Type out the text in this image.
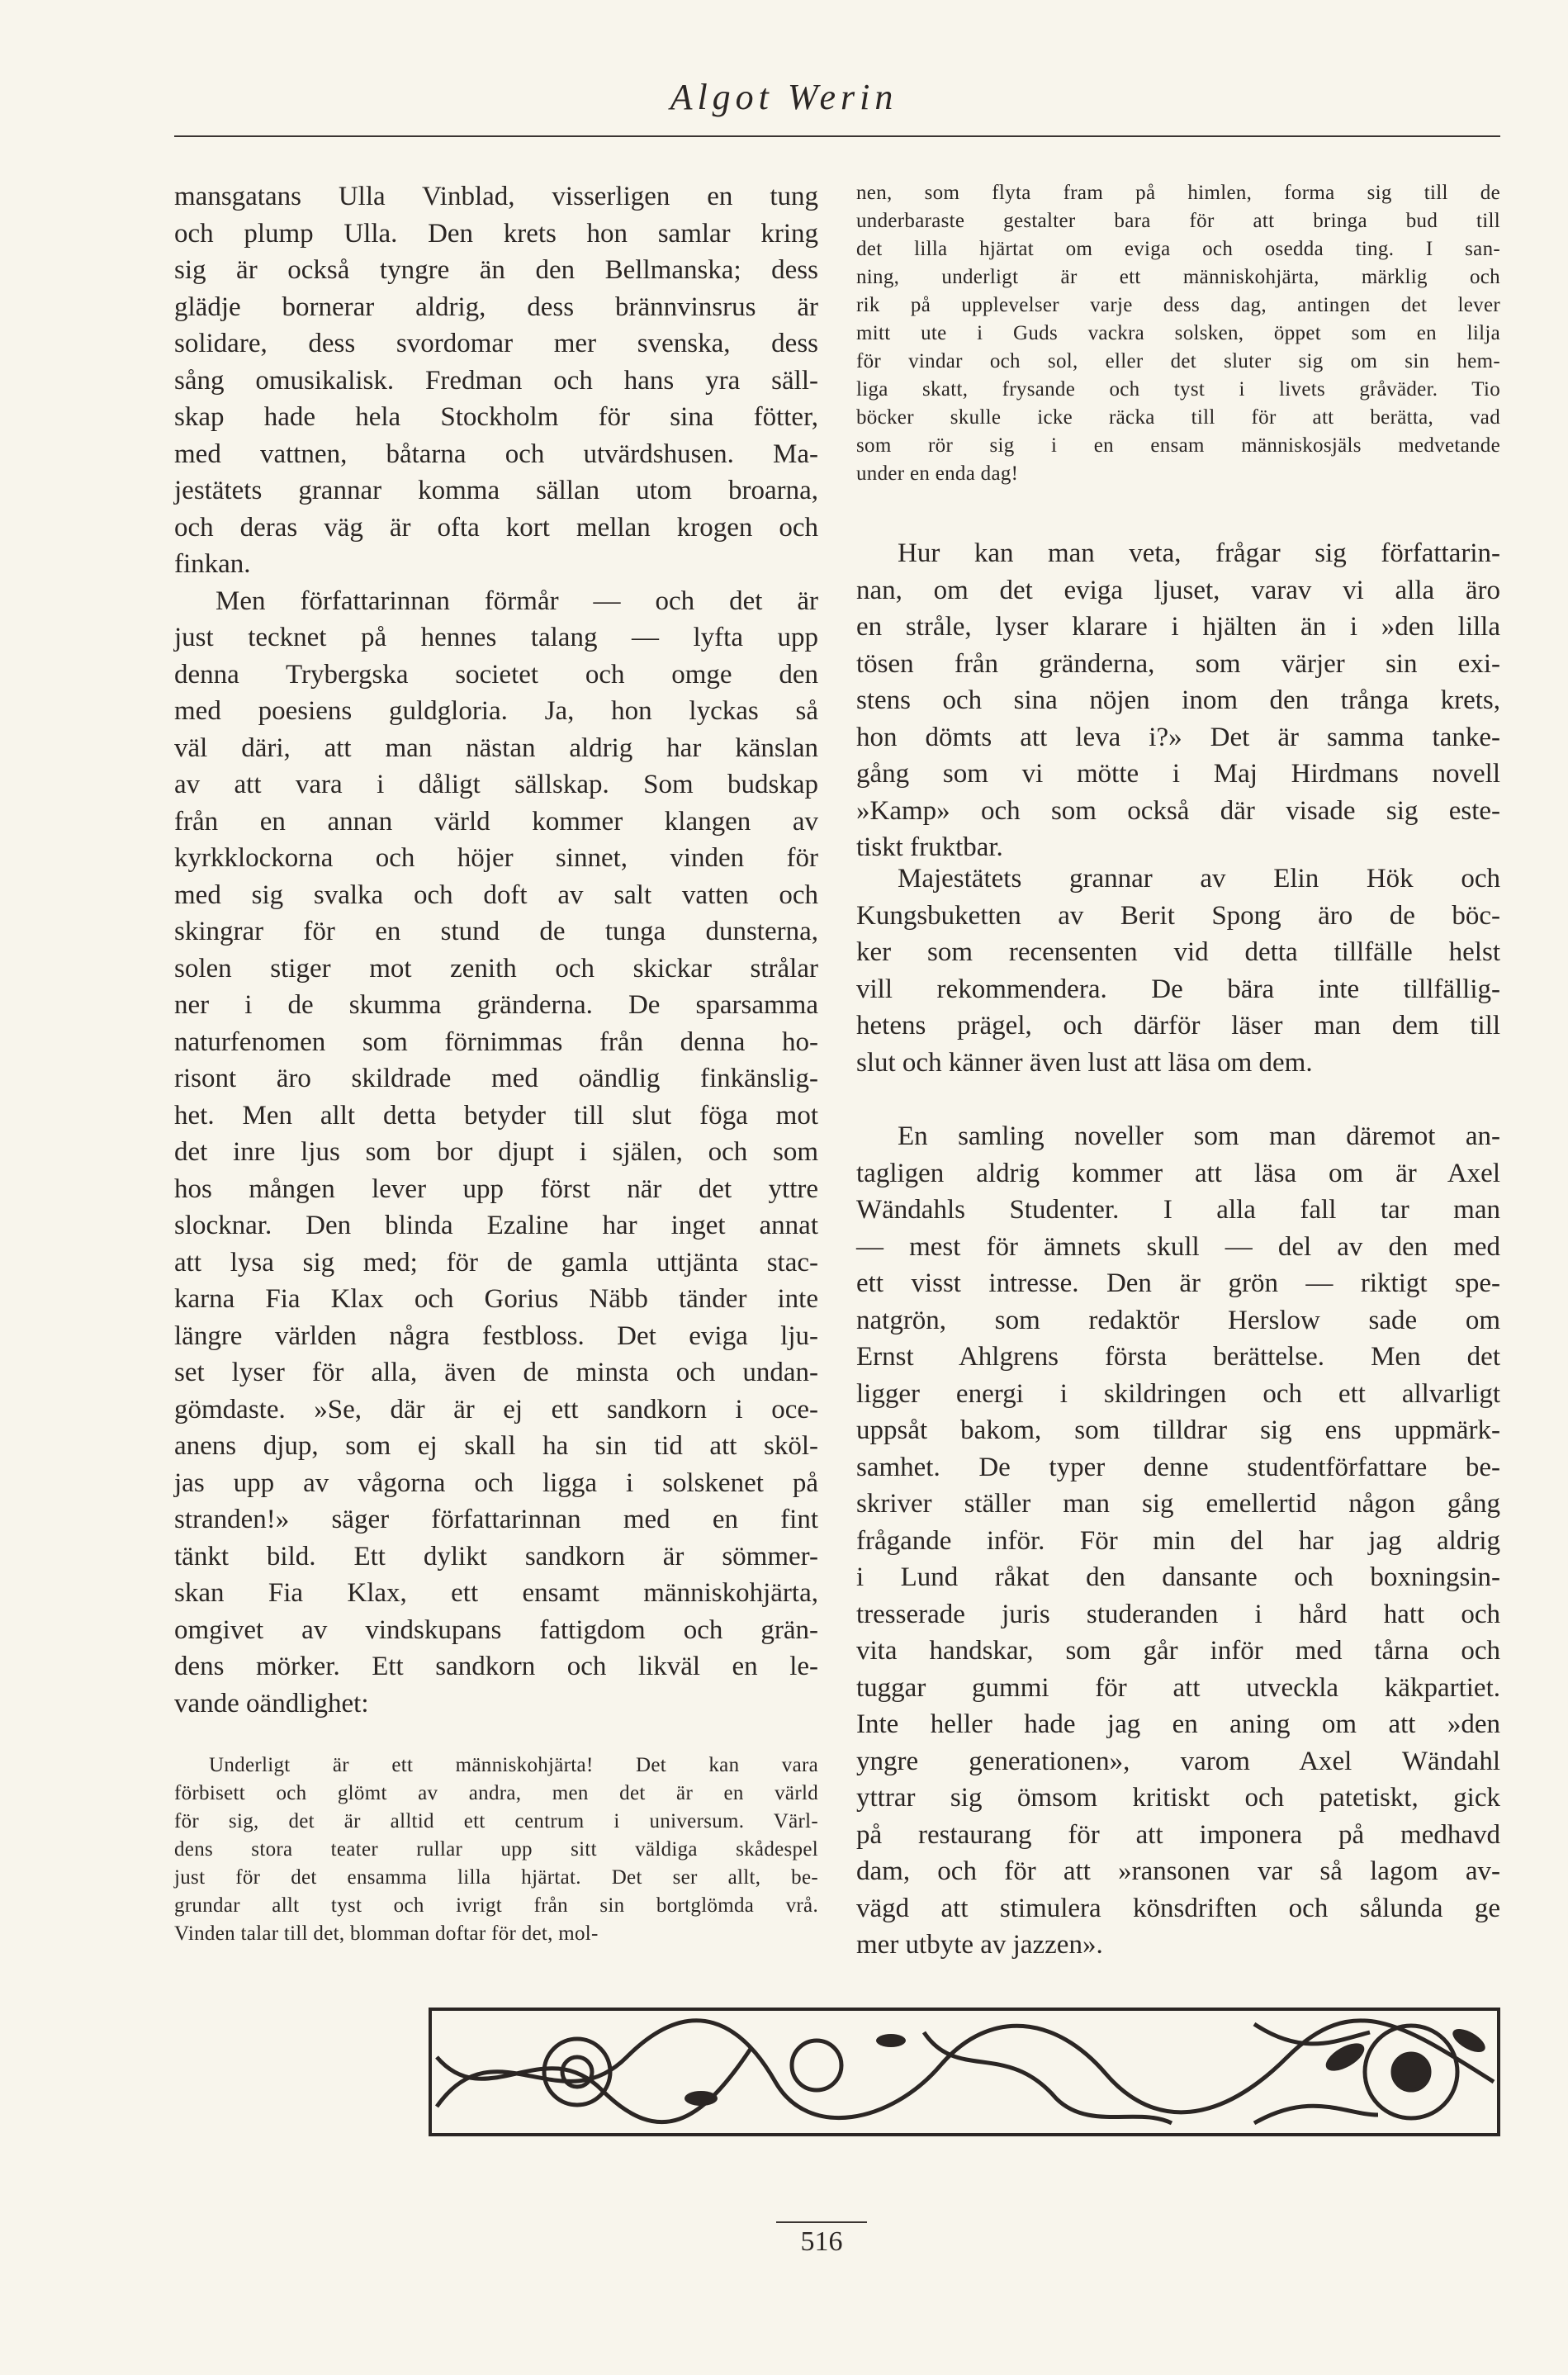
Algot Werin
mansgatans Ulla Vinblad, visserligen en tung
och plump Ulla. Den krets hon samlar kring
sig är också tyngre än den Bellmanska; dess
glädje bornerar aldrig, dess brännvinsrus är
solidare, dess svordomar mer svenska, dess
sång omusikalisk. Fredman och hans yra säll-
skap hade hela Stockholm för sina fötter,
med vattnen, båtarna och utvärdshusen. Ma-
jestätets grannar komma sällan utom broarna,
och deras väg är ofta kort mellan krogen och
finkan.
Men författarinnan förmår — och det är
just tecknet på hennes talang — lyfta upp
denna Trybergska societet och omge den
med poesiens guldgloria. Ja, hon lyckas så
väl däri, att man nästan aldrig har känslan
av att vara i dåligt sällskap. Som budskap
från en annan värld kommer klangen av
kyrkklockorna och höjer sinnet, vinden för
med sig svalka och doft av salt vatten och
skingrar för en stund de tunga dunsterna,
solen stiger mot zenith och skickar strålar
ner i de skumma gränderna. De sparsamma
naturfenomen som förnimmas från denna ho-
risont äro skildrade med oändlig finkänslig-
het. Men allt detta betyder till slut föga mot
det inre ljus som bor djupt i själen, och som
hos mången lever upp först när det yttre
slocknar. Den blinda Ezaline har inget annat
att lysa sig med; för de gamla uttjänta stac-
karna Fia Klax och Gorius Näbb tänder inte
längre världen några festbloss. Det eviga lju-
set lyser för alla, även de minsta och undan-
gömdaste. »Se, där är ej ett sandkorn i oce-
anens djup, som ej skall ha sin tid att sköl-
jas upp av vågorna och ligga i solskenet på
stranden!» säger författarinnan med en fint
tänkt bild. Ett dylikt sandkorn är sömmer-
skan Fia Klax, ett ensamt människohjärta,
omgivet av vindskupans fattigdom och grän-
dens mörker. Ett sandkorn och likväl en le-
vande oändlighet:
Underligt är ett människohjärta! Det kan vara
förbisett och glömt av andra, men det är en värld
för sig, det är alltid ett centrum i universum. Värl-
dens stora teater rullar upp sitt väldiga skådespel
just för det ensamma lilla hjärtat. Det ser allt, be-
grundar allt tyst och ivrigt från sin bortglömda vrå.
Vinden talar till det, blomman doftar för det, mol-
nen, som flyta fram på himlen, forma sig till de
underbaraste gestalter bara för att bringa bud till
det lilla hjärtat om eviga och osedda ting. I san-
ning, underligt är ett människohjärta, märklig och
rik på upplevelser varje dess dag, antingen det lever
mitt ute i Guds vackra solsken, öppet som en lilja
för vindar och sol, eller det sluter sig om sin hem-
liga skatt, frysande och tyst i livets gråväder. Tio
böcker skulle icke räcka till för att berätta, vad
som rör sig i en ensam människosjäls medvetande
under en enda dag!
Hur kan man veta, frågar sig författarin-
nan, om det eviga ljuset, varav vi alla äro
en stråle, lyser klarare i hjälten än i »den lilla
tösen från gränderna, som värjer sin exi-
stens och sina nöjen inom den trånga krets,
hon dömts att leva i?» Det är samma tanke-
gång som vi mötte i Maj Hirdmans novell
»Kamp» och som också där visade sig este-
tiskt fruktbar.
Majestätets grannar av Elin Hök och
Kungsbuketten av Berit Spong äro de böc-
ker som recensenten vid detta tillfälle helst
vill rekommendera. De bära inte tillfällig-
hetens prägel, och därför läser man dem till
slut och känner även lust att läsa om dem.
En samling noveller som man däremot an-
tagligen aldrig kommer att läsa om är Axel
Wändahls Studenter. I alla fall tar man
— mest för ämnets skull — del av den med
ett visst intresse. Den är grön — riktigt spe-
natgrön, som redaktör Herslow sade om
Ernst Ahlgrens första berättelse. Men det
ligger energi i skildringen och ett allvarligt
uppsåt bakom, som tilldrar sig ens uppmärk-
samhet. De typer denne studentförfattare be-
skriver ställer man sig emellertid någon gång
frågande inför. För min del har jag aldrig
i Lund råkat den dansante och boxningsin-
tresserade juris studeranden i hård hatt och
vita handskar, som går inför med tårna och
tuggar gummi för att utveckla käkpartiet.
Inte heller hade jag en aning om att »den
yngre generationen», varom Axel Wändahl
yttrar sig ömsom kritiskt och patetiskt, gick
på restaurang för att imponera på medhavd
dam, och för att »ransonen var så lagom av-
vägd att stimulera könsdriften och sålunda ge
mer utbyte av jazzen».
516
